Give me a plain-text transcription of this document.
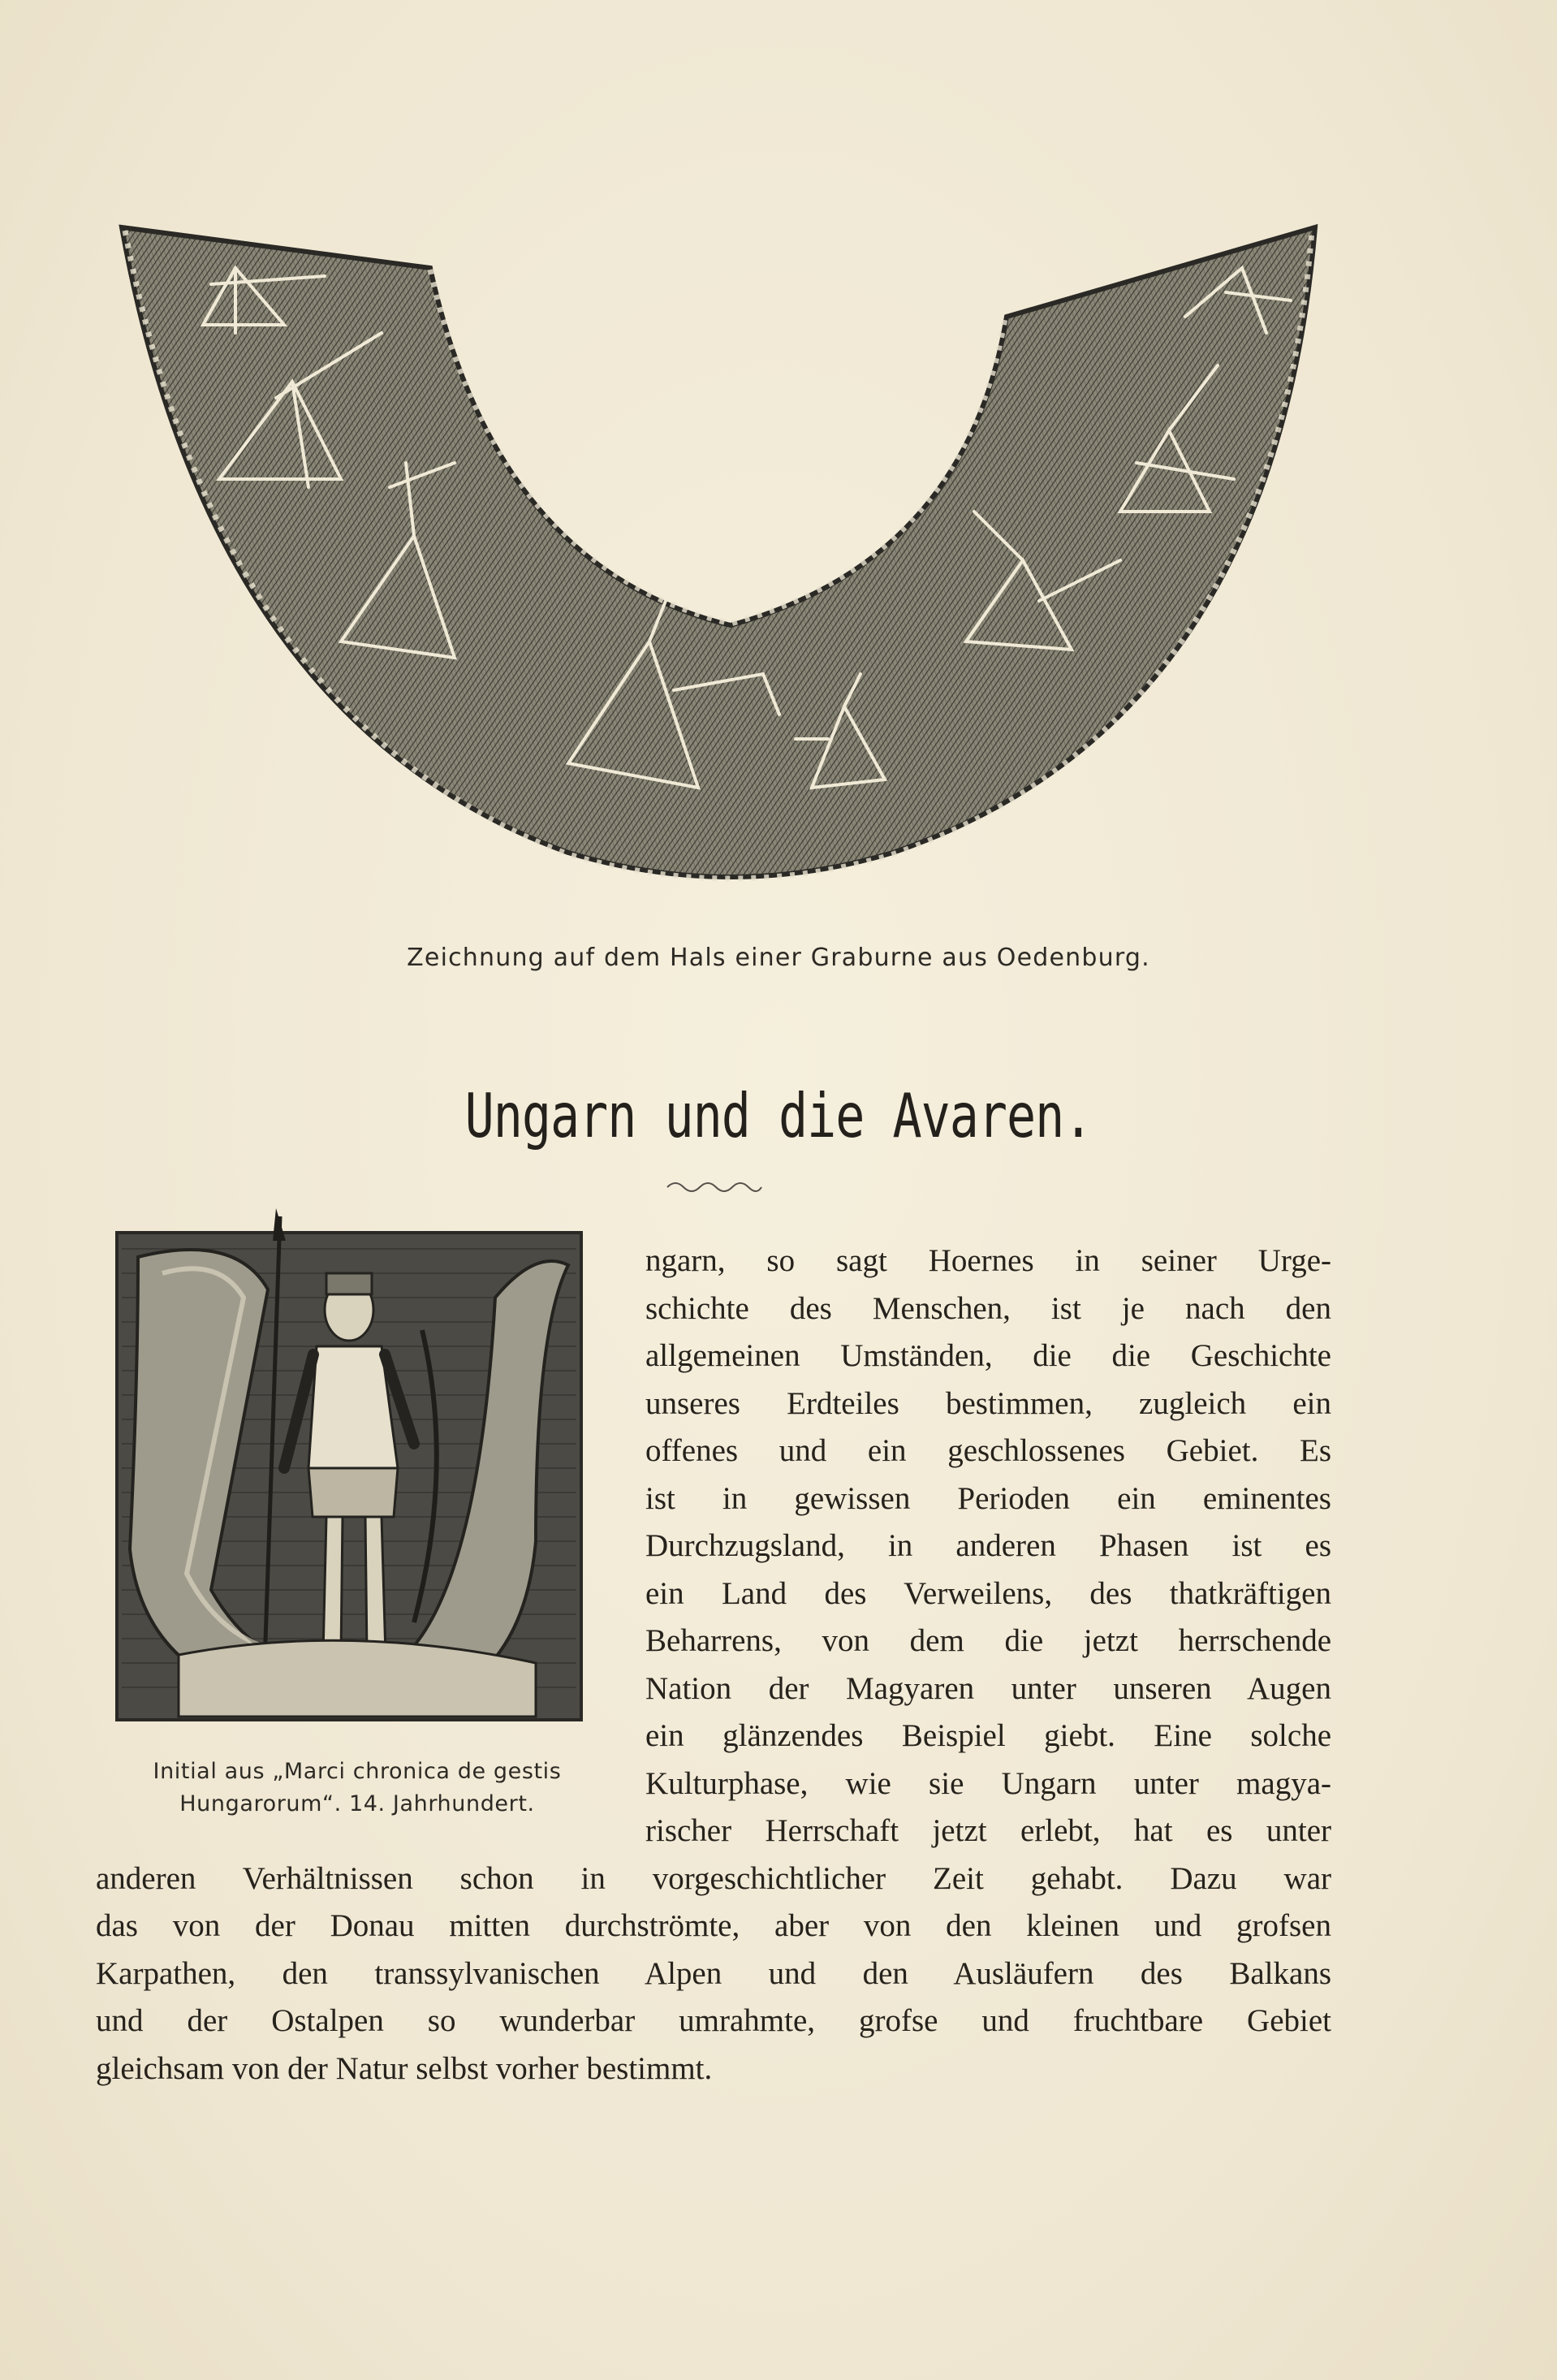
Zeichnung auf dem Hals einer Graburne aus Oedenburg.
Ungarn und die Avaren.
Initial aus „Marci chronica de gestis
Hungarorum“. 14. Jahrhundert.
ngarn, so sagt Hoernes in seiner Urge-
schichte des Menschen, ist je nach den
allgemeinen Umständen, die die Geschichte
unseres Erdteiles bestimmen, zugleich ein
offenes und ein geschlossenes Gebiet. Es
ist in gewissen Perioden ein eminentes
Durchzugsland, in anderen Phasen ist es
ein Land des Verweilens, des thatkräftigen
Beharrens, von dem die jetzt herrschende
Nation der Magyaren unter unseren Augen
ein glänzendes Beispiel giebt. Eine solche
Kulturphase, wie sie Ungarn unter magya-
rischer Herrschaft jetzt erlebt, hat es unter
anderen Verhältnissen schon in vorgeschichtlicher Zeit gehabt. Dazu war
das von der Donau mitten durchströmte, aber von den kleinen und grofsen
Karpathen, den transsylvanischen Alpen und den Ausläufern des Balkans
und der Ostalpen so wunderbar umrahmte, grofse und fruchtbare Gebiet
gleichsam von der Natur selbst vorher bestimmt.
